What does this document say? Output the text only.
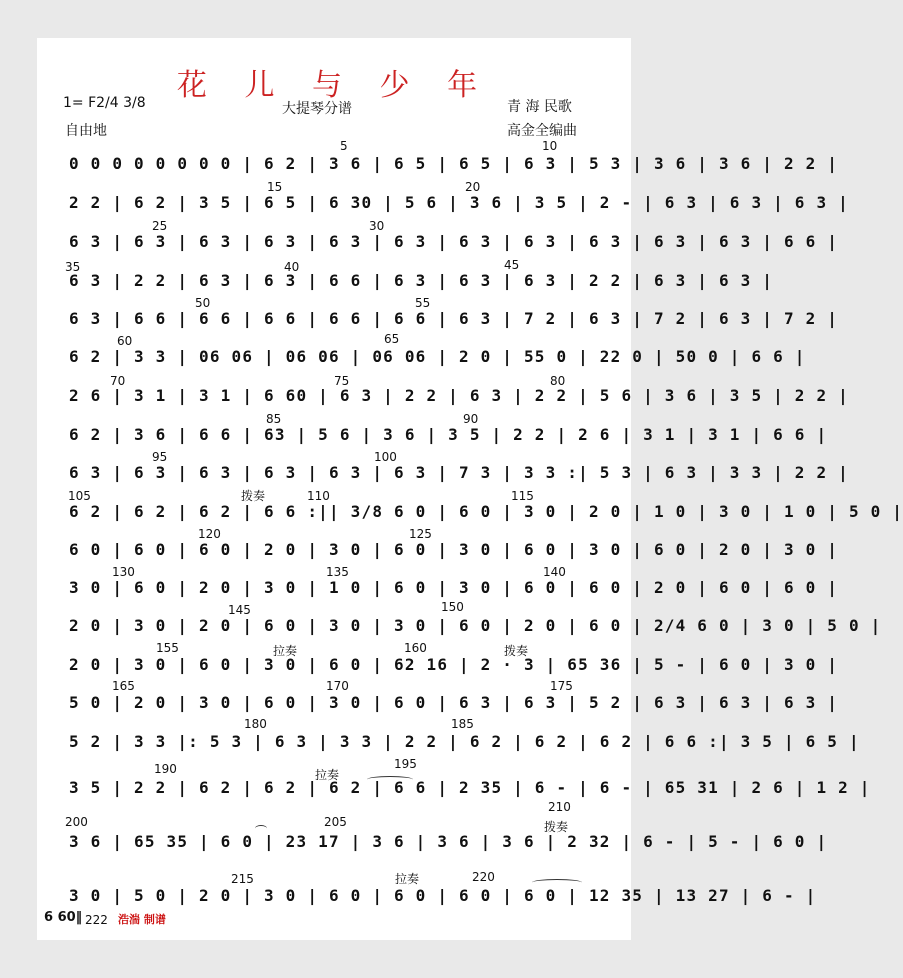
花 儿 与 少 年
1= F2/4 3/8	大提琴分谱	青 海 民歌
自由地	高金全编曲
5	10
15	20
25	30
35	40	45
50	55
60	65
70	75	80
85	90
95	100
105	110	115
120	125
130	135	140
145	150
155	160
165	170	175
180	185
190	195
200	205
210
215	220
222
拨奏
拉奏	拨奏
拉奏
拨奏
拉奏
0 0 0 0 0 0 0 0 | 6 2 | 3 6 | 6 5 | 6 5 | 6 3 | 5 3 | 3 6 | 3 6 | 2 2 |
2 2 | 6 2 | 3 5 | 6 5 | 6 30 | 5 6 | 3 6 | 3 5 | 2 - | 6 3 | 6 3 | 6 3 |
6 3 | 6 3 | 6 3 | 6 3 | 6 3 | 6 3 | 6 3 | 6 3 | 6 3 | 6 3 | 6 3 | 6 6 |
6 3 | 2 2 | 6 3 | 6 3 | 6 6 | 6 3 | 6 3 | 6 3 | 2 2 | 6 3 | 6 3 |
6 3 | 6 6 | 6 6 | 6 6 | 6 6 | 6 6 | 6 3 | 7 2 | 6 3 | 7 2 | 6 3 | 7 2 |
6 2 | 3 3 | 06 06 | 06 06 | 06 06 | 2 0 | 55 0 | 22 0 | 50 0 | 6 6 |
2 6 | 3 1 | 3 1 | 6 60 | 6 3 | 2 2 | 6 3 | 2 2 | 5 6 | 3 6 | 3 5 | 2 2 |
6 2 | 3 6 | 6 6 | 63 | 5 6 | 3 6 | 3 5 | 2 2 | 2 6 | 3 1 | 3 1 | 6 6 |
6 3 | 6 3 | 6 3 | 6 3 | 6 3 | 6 3 | 7 3 | 3 3 :| 5 3 | 6 3 | 3 3 | 2 2 |
6 2 | 6 2 | 6 2 | 6 6 :|| 3/8 6 0 | 6 0 | 3 0 | 2 0 | 1 0 | 3 0 | 1 0 | 5 0 |
6 0 | 6 0 | 6 0 | 2 0 | 3 0 | 6 0 | 3 0 | 6 0 | 3 0 | 6 0 | 2 0 | 3 0 |
3 0 | 6 0 | 2 0 | 3 0 | 1 0 | 6 0 | 3 0 | 6 0 | 6 0 | 2 0 | 6 0 | 6 0 |
2 0 | 3 0 | 2 0 | 6 0 | 3 0 | 3 0 | 6 0 | 2 0 | 6 0 | 2/4 6 0 | 3 0 | 5 0 |
2 0 | 3 0 | 6 0 | 3 0 | 6 0 | 62 16 | 2 · 3 | 65 36 | 5 - | 6 0 | 3 0 |
5 0 | 2 0 | 3 0 | 6 0 | 3 0 | 6 0 | 6 3 | 6 3 | 5 2 | 6 3 | 6 3 | 6 3 |
5 2 | 3 3 |: 5 3 | 6 3 | 3 3 | 2 2 | 6 2 | 6 2 | 6 2 | 6 6 :| 3 5 | 6 5 |
3 5 | 2 2 | 6 2 | 6 2 | 6 2 | 6 6 | 2 35 | 6 - | 6 - | 65 31 | 2 6 | 1 2 |
3 6 | 65 35 | 6 0 | 23 17 | 3 6 | 3 6 | 3 6 | 2 32 | 6 - | 5 - | 6 0 |
3 0 | 5 0 | 2 0 | 3 0 | 6 0 | 6 0 | 6 0 | 6 0 | 12 35 | 13 27 | 6 - |
6 60‖	浩湍 制谱
